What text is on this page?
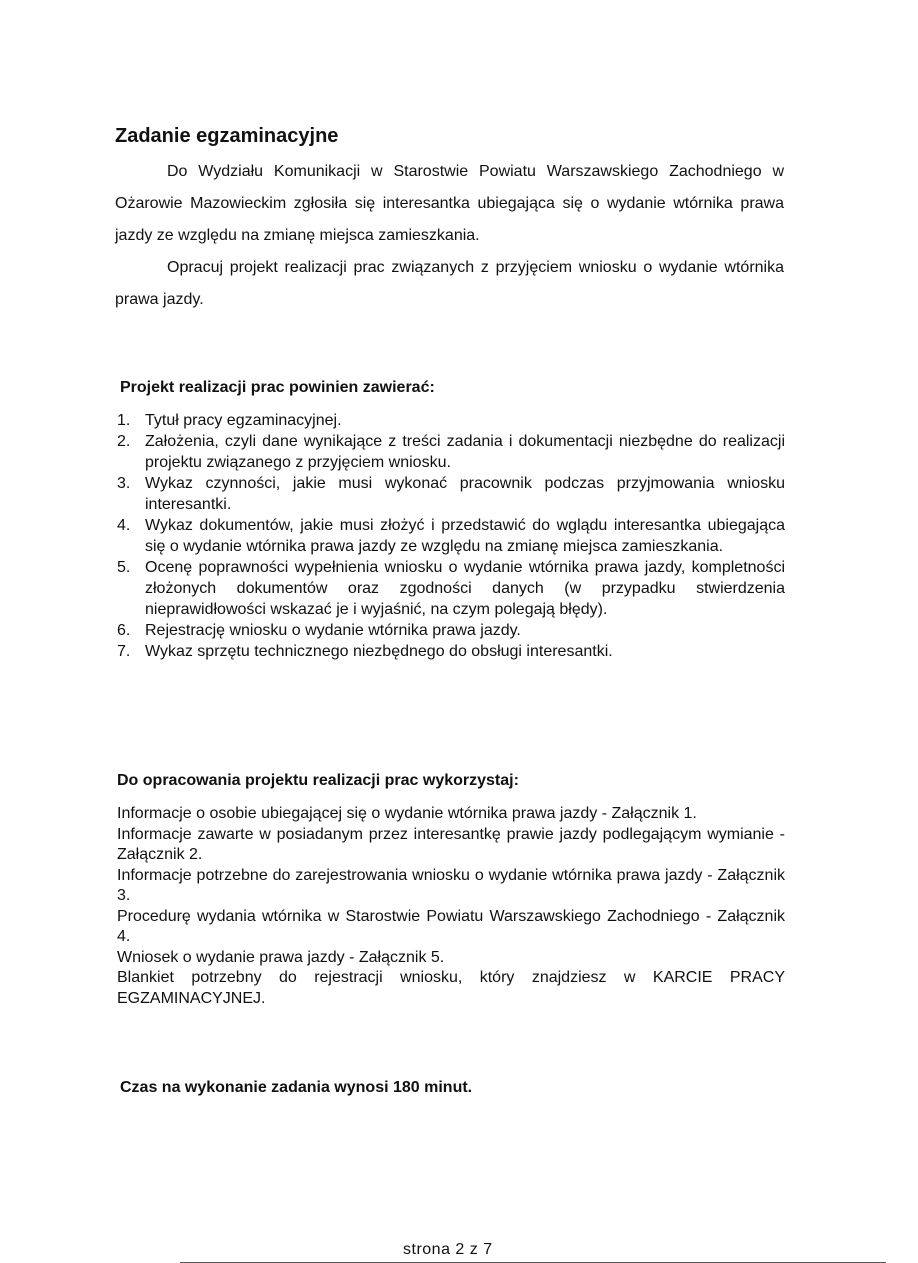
Zadanie egzaminacyjne

Do Wydziału Komunikacji w Starostwie Powiatu Warszawskiego Zachodniego w Ożarowie Mazowieckim zgłosiła się interesantka ubiegająca się o wydanie wtórnika prawa jazdy ze względu na zmianę miejsca zamieszkania.

Opracuj projekt realizacji prac związanych z przyjęciem wniosku o wydanie wtórnika prawa jazdy.

Projekt realizacji prac powinien zawierać:
1. Tytuł pracy egzaminacyjnej.
2. Założenia, czyli dane wynikające z treści zadania i dokumentacji niezbędne do realizacji projektu związanego z przyjęciem wniosku.
3. Wykaz czynności, jakie musi wykonać pracownik podczas przyjmowania wniosku interesantki.
4. Wykaz dokumentów, jakie musi złożyć i przedstawić do wglądu interesantka ubiegająca się o wydanie wtórnika prawa jazdy ze względu na zmianę miejsca zamieszkania.
5. Ocenę poprawności wypełnienia wniosku o wydanie wtórnika prawa jazdy, kompletności złożonych dokumentów oraz zgodności danych (w przypadku stwierdzenia nieprawidłowości wskazać je i wyjaśnić, na czym polegają błędy).
6. Rejestrację wniosku o wydanie wtórnika prawa jazdy.
7. Wykaz sprzętu technicznego niezbędnego do obsługi interesantki.
Do opracowania projektu realizacji prac wykorzystaj:

Informacje o osobie ubiegającej się o wydanie wtórnika prawa jazdy - Załącznik 1.

Informacje zawarte w posiadanym przez interesantkę prawie jazdy podlegającym wymianie - Załącznik 2.

Informacje potrzebne do zarejestrowania wniosku o wydanie wtórnika prawa jazdy - Załącznik 3.

Procedurę wydania wtórnika w Starostwie Powiatu Warszawskiego Zachodniego - Załącznik 4.

Wniosek o wydanie prawa jazdy - Załącznik 5.

Blankiet potrzebny do rejestracji wniosku, który znajdziesz w KARCIE PRACY EGZAMINACYJNEJ.

Czas na wykonanie zadania wynosi 180 minut.

strona 2 z 7
